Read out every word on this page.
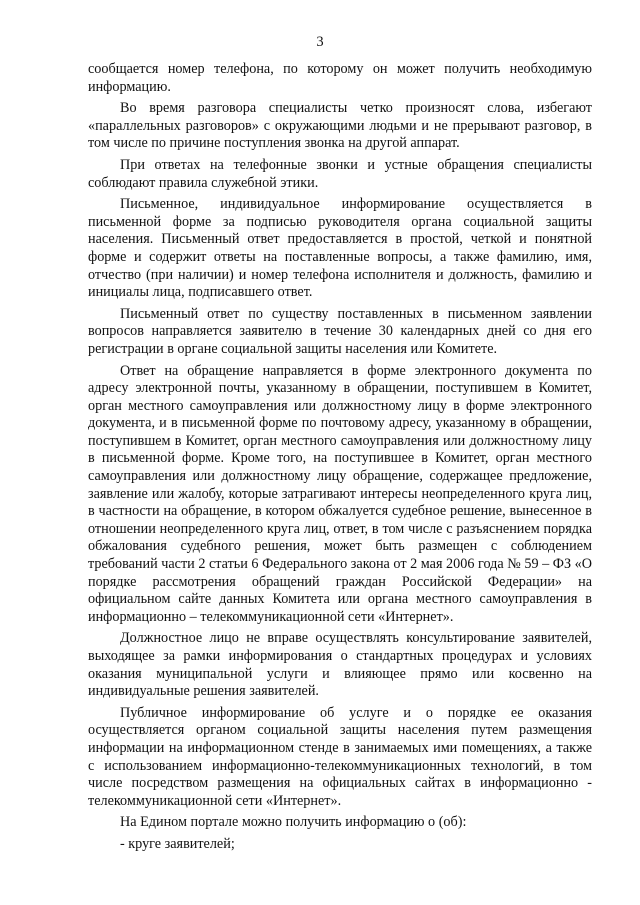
3

сообщается номер телефона, по которому он может получить необходимую информацию.

Во время разговора специалисты четко произносят слова, избегают «параллельных разговоров» с окружающими людьми и не прерывают разговор, в том числе по причине поступления звонка на другой аппарат.

При ответах на телефонные звонки и устные обращения специалисты соблюдают правила служебной этики.

Письменное, индивидуальное информирование осуществляется в письменной форме за подписью руководителя органа социальной защиты населения. Письменный ответ предоставляется в простой, четкой и понятной форме и содержит ответы на поставленные вопросы, а также фамилию, имя, отчество (при наличии) и номер телефона исполнителя и должность, фамилию и инициалы лица, подписавшего ответ.

Письменный ответ по существу поставленных в письменном заявлении вопросов направляется заявителю в течение 30 календарных дней со дня его регистрации в органе социальной защиты населения или Комитете.

Ответ на обращение направляется в форме электронного документа по адресу электронной почты, указанному в обращении, поступившем в Комитет, орган местного самоуправления или должностному лицу в форме электронного документа, и в письменной форме по почтовому адресу, указанному в обращении, поступившем в Комитет, орган местного самоуправления или должностному лицу в письменной форме. Кроме того, на поступившее в Комитет, орган местного самоуправления или должностному лицу обращение, содержащее предложение, заявление или жалобу, которые затрагивают интересы неопределенного круга лиц, в частности на обращение, в котором обжалуется судебное решение, вынесенное в отношении неопределенного круга лиц, ответ, в том числе с разъяснением порядка обжалования судебного решения, может быть размещен с соблюдением требований части 2 статьи 6 Федерального закона от 2 мая 2006 года № 59 – ФЗ «О порядке рассмотрения обращений граждан Российской Федерации» на официальном сайте данных Комитета или органа местного самоуправления в информационно – телекоммуникационной сети «Интернет».

Должностное лицо не вправе осуществлять консультирование заявителей, выходящее за рамки информирования о стандартных процедурах и условиях оказания муниципальной услуги и влияющее прямо или косвенно на индивидуальные решения заявителей.

Публичное информирование об услуге и о порядке ее оказания осуществляется органом социальной защиты населения путем размещения информации на информационном стенде в занимаемых ими помещениях, а также с использованием информационно-телекоммуникационных технологий, в том числе посредством размещения на официальных сайтах в информационно - телекоммуникационной сети «Интернет».

На Едином портале можно получить информацию о (об):

- круге заявителей;
